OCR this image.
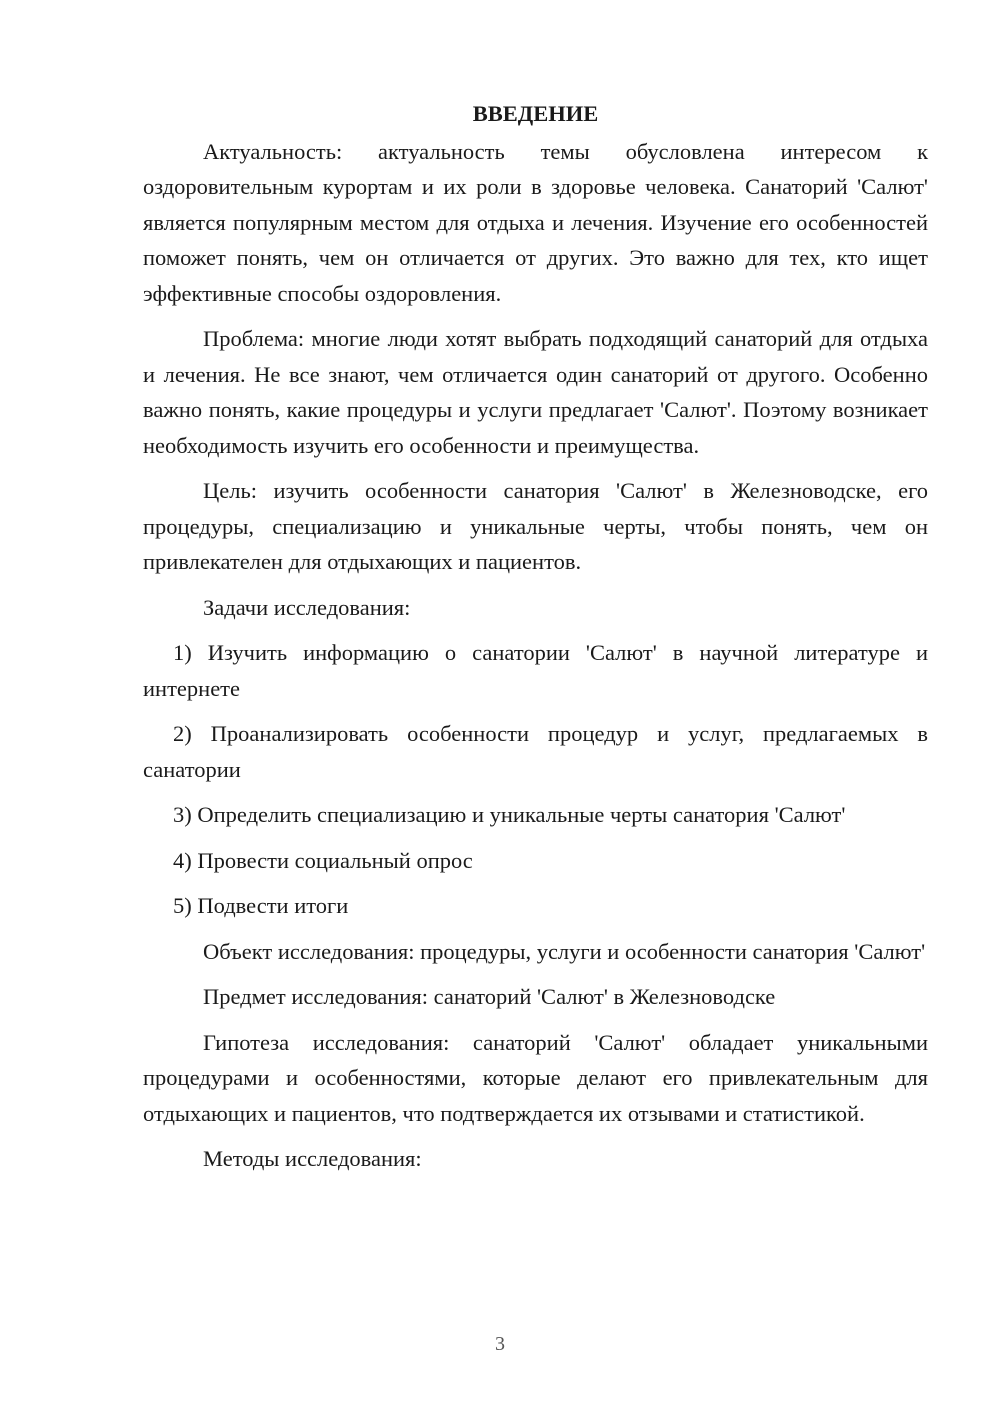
ВВЕДЕНИЕ

Актуальность: актуальность темы обусловлена интересом к оздоровительным курортам и их роли в здоровье человека. Санаторий 'Салют' является популярным местом для отдыха и лечения. Изучение его особенностей поможет понять, чем он отличается от других. Это важно для тех, кто ищет эффективные способы оздоровления.

Проблема: многие люди хотят выбрать подходящий санаторий для отдыха и лечения. Не все знают, чем отличается один санаторий от другого. Особенно важно понять, какие процедуры и услуги предлагает 'Салют'. Поэтому возникает необходимость изучить его особенности и преимущества.

Цель: изучить особенности санатория 'Салют' в Железноводске, его процедуры, специализацию и уникальные черты, чтобы понять, чем он привлекателен для отдыхающих и пациентов.

Задачи исследования:

1) Изучить информацию о санатории 'Салют' в научной литературе и интернете

2) Проанализировать особенности процедур и услуг, предлагаемых в санатории

3) Определить специализацию и уникальные черты санатория 'Салют'

4) Провести социальный опрос

5) Подвести итоги

Объект исследования: процедуры, услуги и особенности санатория 'Салют'

Предмет исследования: санаторий 'Салют' в Железноводске

Гипотеза исследования: санаторий 'Салют' обладает уникальными процедурами и особенностями, которые делают его привлекательным для отдыхающих и пациентов, что подтверждается их отзывами и статистикой.

Методы исследования:

3
